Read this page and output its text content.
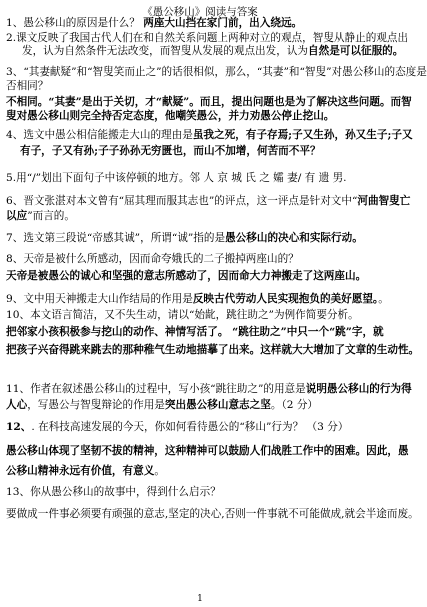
《愚公移山》阅读与答案
1、愚公移山的原因是什么？ 两座大山挡在家门前，出入绕远。
2.课文反映了我国古代人们在和自然关系问题上两种对立的观点，智叟从静止的观点出
发，认为自然条件无法改变，而智叟从发展的观点出发，认为自然是可以征服的。
3、“其妻献疑”和“智叟笑而止之”的话很相似，那么，“其妻”和“智叟”对愚公移山的态度是
否相同？
不相同。“其妻”是出于关切，才“献疑”。而且，提出问题也是为了解决这些问题。而智
叟对愚公移山则完全持否定态度，他嘲笑愚公，并力劝愚公停止挖山。
4、选文中愚公相信能搬走大山的理由是虽我之死，有子存焉;子又生孙，孙又生子;子又
有子，子又有孙;子子孙孙无穷匮也，而山不加增，何苦而不平？
5.用“/”划出下面句子中该停顿的地方。邻 人 京 城 氏 之 孀 妻/ 有 遗 男.
6、晋文张湛对本文曾有“屈其理而服其志也”的评点，这一评点是针对文中“河曲智叟亡
以应”而言的。
7、选文第三段说“帝感其诚”，所谓“诚”指的是愚公移山的决心和实际行动。
8、天帝是被什么所感动，因而命夸娥氏的二子搬掉两座山的？
天帝是被愚公的诚心和坚强的意志所感动了，因而命大力神搬走了这两座山。
9、文中用天神搬走大山作结局的作用是反映古代劳动人民实现抱负的美好愿望。。
10、本文语言简洁，又不失生动，请以“始龀，跳往助之”为例作简要分析。
把邻家小孩积极参与挖山的动作、神情写活了。 “跳往助之”中只一个“跳”字，就
把孩子兴奋得跳来跳去的那种稚气生动地描摹了出来。这样就大大增加了文章的生动性。
11、作者在叙述愚公移山的过程中，写小孩“跳往助之”的用意是说明愚公移山的行为得
人心，写愚公与智叟辩论的作用是突出愚公移山意志之坚。（2 分）
12、. 在科技高速发展的今天，你如何看待愚公的“移山”行为？ （3 分）
愚公移山体现了坚韧不拔的精神，这种精神可以鼓励人们战胜工作中的困难。因此，愚
公移山精神永远有价值，有意义。
13、你从愚公移山的故事中，得到什么启示？
要做成一件事必须要有顽强的意志,坚定的决心,否则一件事就不可能做成,就会半途而废。
1
